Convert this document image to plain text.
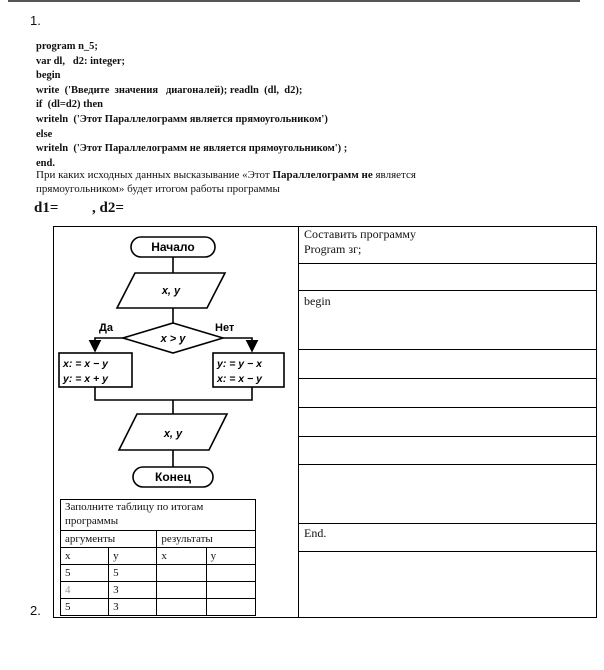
1.
program n_5;
var dl,   d2: integer;
begin
write  ('Введите  значения   диагоналей); readln  (dl,  d2);
if  (dl=d2) then
writeln  ('Этот Параллелограмм является прямоугольником')
else
writeln  ('Этот Параллелограмм не является прямоугольником') ;
end.
При каких исходных данных высказывание «Этот Параллелограмм не является
прямоугольником» будет итогом работы программы
d1= , d2=
2.
Начало
x, y
x > y
Да	Нет
x: = x − y
y: = x + y
y: = y − x
x: = x − y
x, y
Конец
Составить программу
Program зг;

begin

End.

Заполните таблицу по итогам
программы			

аргументы		результаты	
x	y	x	y
5	5		
4	3		
5	3		
